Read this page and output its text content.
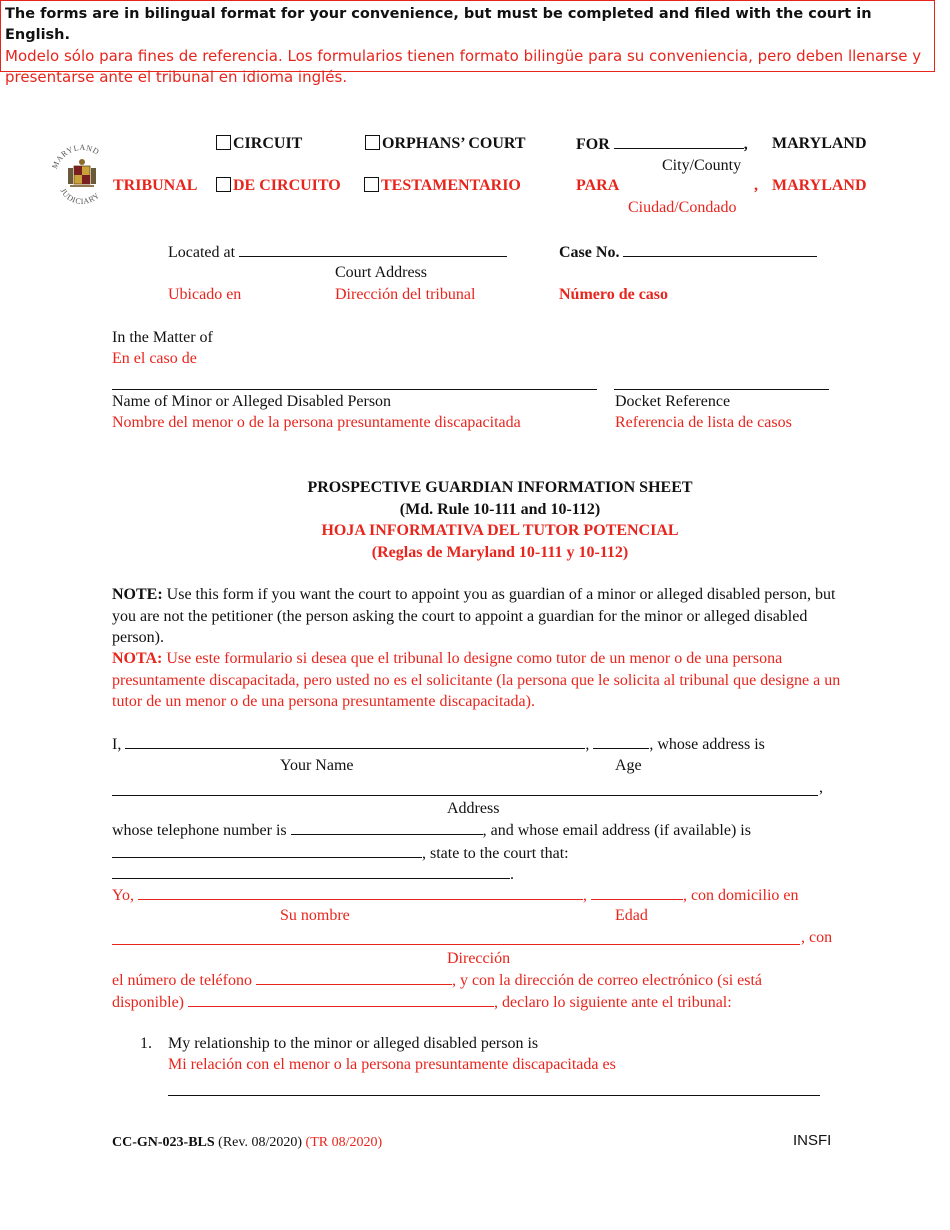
The forms are in bilingual format for your convenience, but must be completed and filed with the court in English.
Modelo sólo para fines de referencia. Los formularios tienen formato bilingüe para su conveniencia, pero deben llenarse y presentarse ante el tribunal en idioma inglés.
MARYLAND
JUDICIARY
CIRCUIT	ORPHANS’ COURT	FOR	, MARYLAND
City/County
TRIBUNAL	DE CIRCUITO	TESTAMENTARIO	PARA	, MARYLAND
Ciudad/Condado
Located at
Court Address
Ubicado en	Dirección del tribunal
Case No.
Número de caso
In the Matter of
En el caso de
Name of Minor or Alleged Disabled Person
Nombre del menor o de la persona presuntamente discapacitada
Docket Reference
Referencia de lista de casos
PROSPECTIVE GUARDIAN INFORMATION SHEET
(Md. Rule 10-111 and 10-112)
HOJA INFORMATIVA DEL TUTOR POTENCIAL
(Reglas de Maryland 10-111 y 10-112)
NOTE: Use this form if you want the court to appoint you as guardian of a minor or alleged disabled person, but you are not the petitioner (the person asking the court to appoint a guardian for the minor or alleged disabled person).
NOTA: Use este formulario si desea que el tribunal lo designe como tutor de un menor o de una persona presuntamente discapacitada, pero usted no es el solicitante (la persona que le solicita al tribunal que designe a un tutor de un menor o de una persona presuntamente discapacitada).
I,	,	, whose address is
Your Name	Age
,
Address
whose telephone number is	, and whose email address (if available) is
, state to the court that:
.
Yo,	,	, con domicilio en
Su nombre	Edad
, con
Dirección
el número de teléfono	, y con la dirección de correo electrónico (si está
disponible)	, declaro lo siguiente ante el tribunal:
1. My relationship to the minor or alleged disabled person is
Mi relación con el menor o la persona presuntamente discapacitada es
CC-GN-023-BLS (Rev. 08/2020) (TR 08/2020)	INSFI
